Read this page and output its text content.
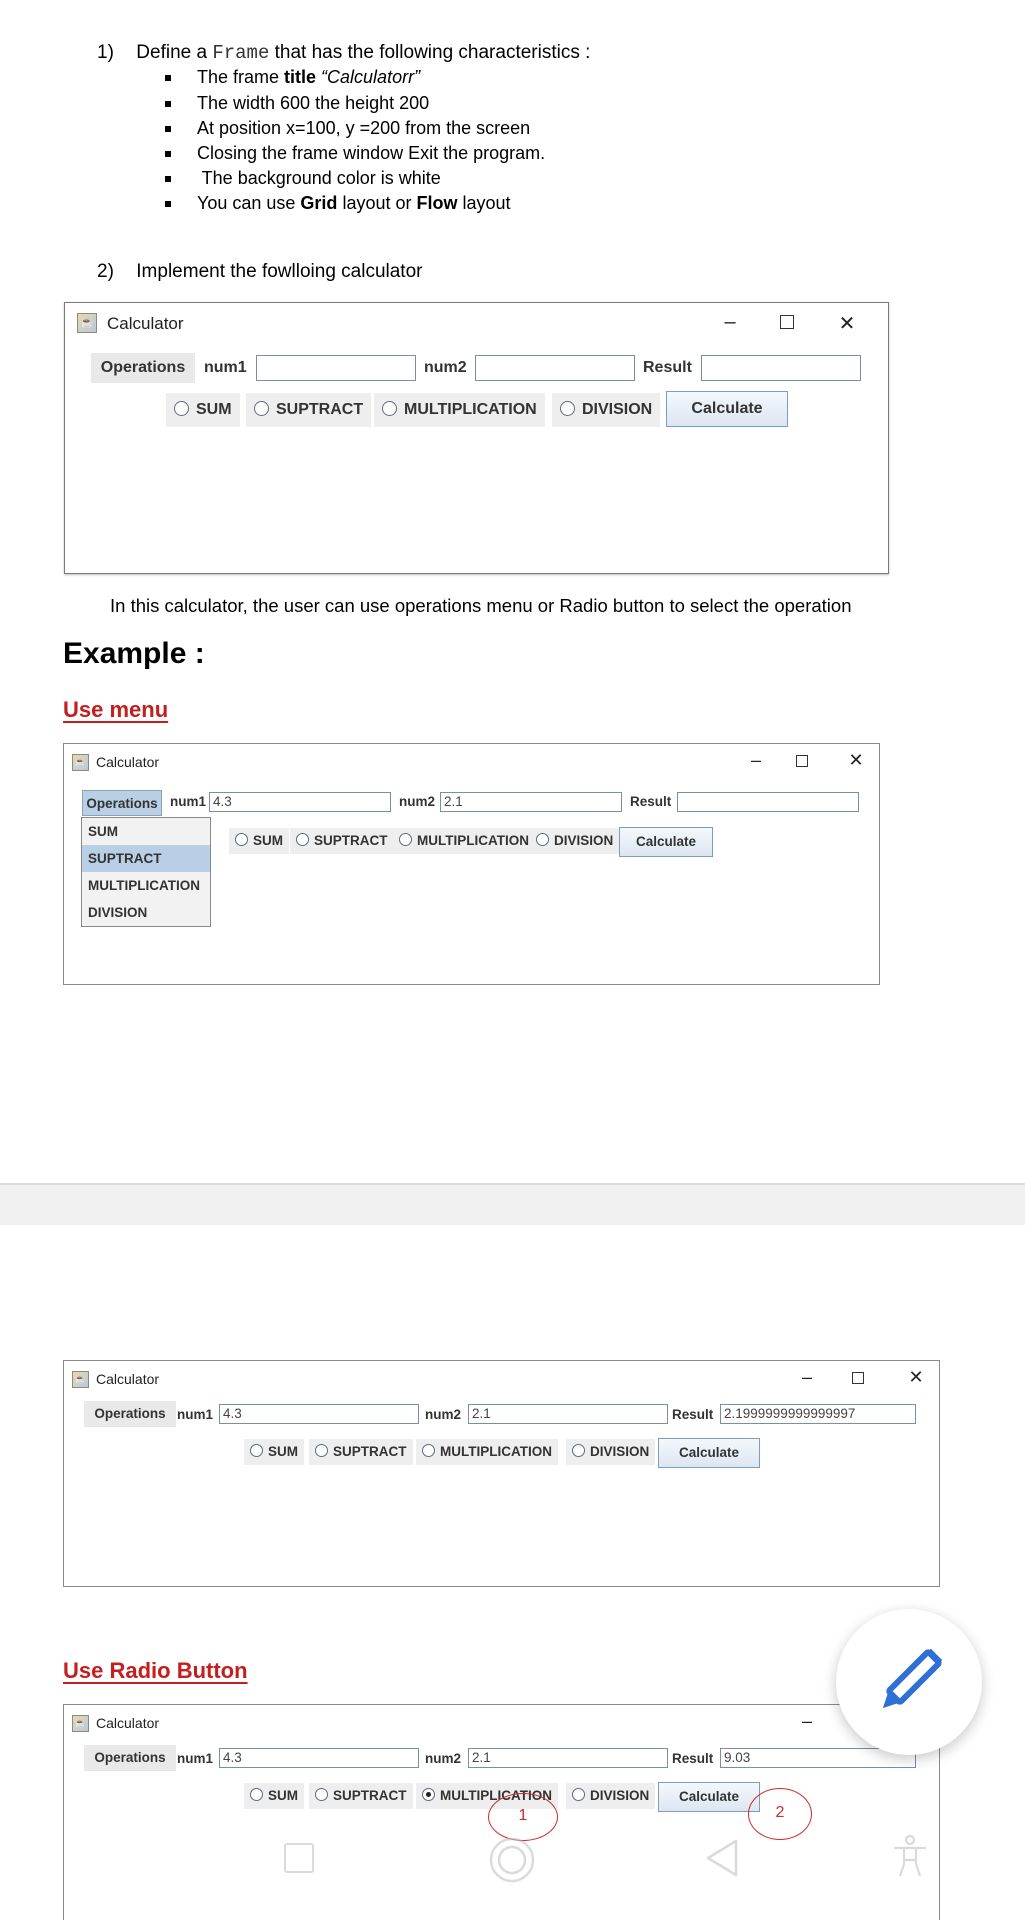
1) Define a Frame that has the following characteristics :
The frame title “Calculatorr”
The width 600 the height 200
At position x=100, y =200 from the screen
Closing the frame window Exit the program.
The background color is white
You can use Grid layout or Flow layout
2) Implement the fowlloing calculator
☕ Calculator	–	✕
Operations	num1	num2	Result
SUM	SUPTRACT	MULTIPLICATION	DIVISION	Calculate
In this calculator, the user can use operations menu or Radio button to select the operation
Example :
Use menu
☕ Calculator	–	✕
Operations num1 4.3	num2 2.1	Result
SUM	SUPTRACT	MULTIPLICATION	DIVISION	Calculate
SUM
SUPTRACT
MULTIPLICATION
DIVISION
☕ Calculator	–	✕
Operations num1 4.3	num2 2.1	Result 2.1999999999999997
SUM	SUPTRACT	MULTIPLICATION	DIVISION	Calculate
Use Radio Button
☕ Calculator	–
Operations num1 4.3	num2 2.1	Result 9.03
SUM	SUPTRACT	MULTIPLICATION	DIVISION	Calculate
1	2
